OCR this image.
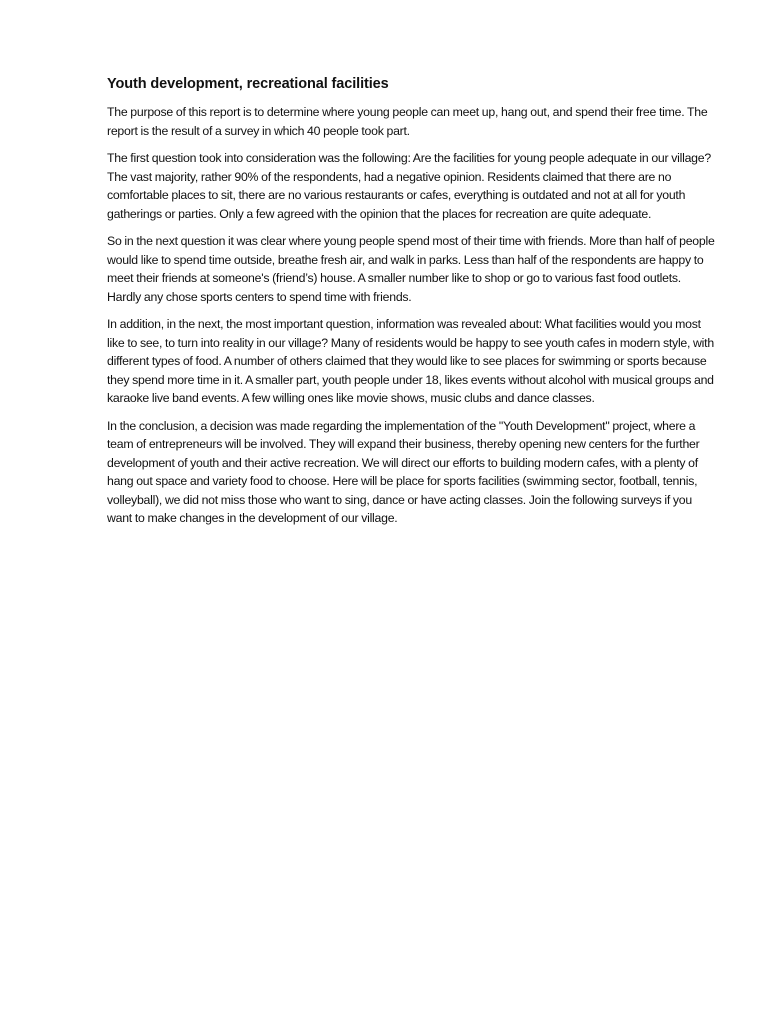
Youth development, recreational facilities

The purpose of this report is to determine where young people can meet up, hang out, and spend their free time. The report is the result of a survey in which 40 people took part.

The first question took into consideration was the following: Are the facilities for young people adequate in our village? The vast majority, rather 90% of the respondents, had a negative opinion. Residents claimed that there are no comfortable places to sit, there are no various restaurants or cafes, everything is outdated and not at all for youth gatherings or parties. Only a few agreed with the opinion that the places for recreation are quite adequate.

So in the next question it was clear where young people spend most of their time with friends. More than half of people would like to spend time outside, breathe fresh air, and walk in parks. Less than half of the respondents are happy to meet their friends at someone's (friend’s) house. A smaller number like to shop or go to various fast food outlets. Hardly any chose sports centers to spend time with friends.

In addition, in the next, the most important question, information was revealed about: What facilities would you most like to see, to turn into reality in our village? Many of residents would be happy to see youth cafes in modern style, with different types of food. A number of others claimed that they would like to see places for swimming or sports because they spend more time in it. A smaller part, youth people under 18, likes events without alcohol with musical groups and karaoke live band events. A few willing ones like movie shows, music clubs and dance classes.

In the conclusion, a decision was made regarding the implementation of the "Youth Development" project, where a team of entrepreneurs will be involved. They will expand their business, thereby opening new centers for the further development of youth and their active recreation. We will direct our efforts to building modern cafes, with a plenty of hang out space and variety food to choose. Here will be place for sports facilities (swimming sector, football, tennis, volleyball), we did not miss those who want to sing, dance or have acting classes. Join the following surveys if you want to make changes in the development of our village.
